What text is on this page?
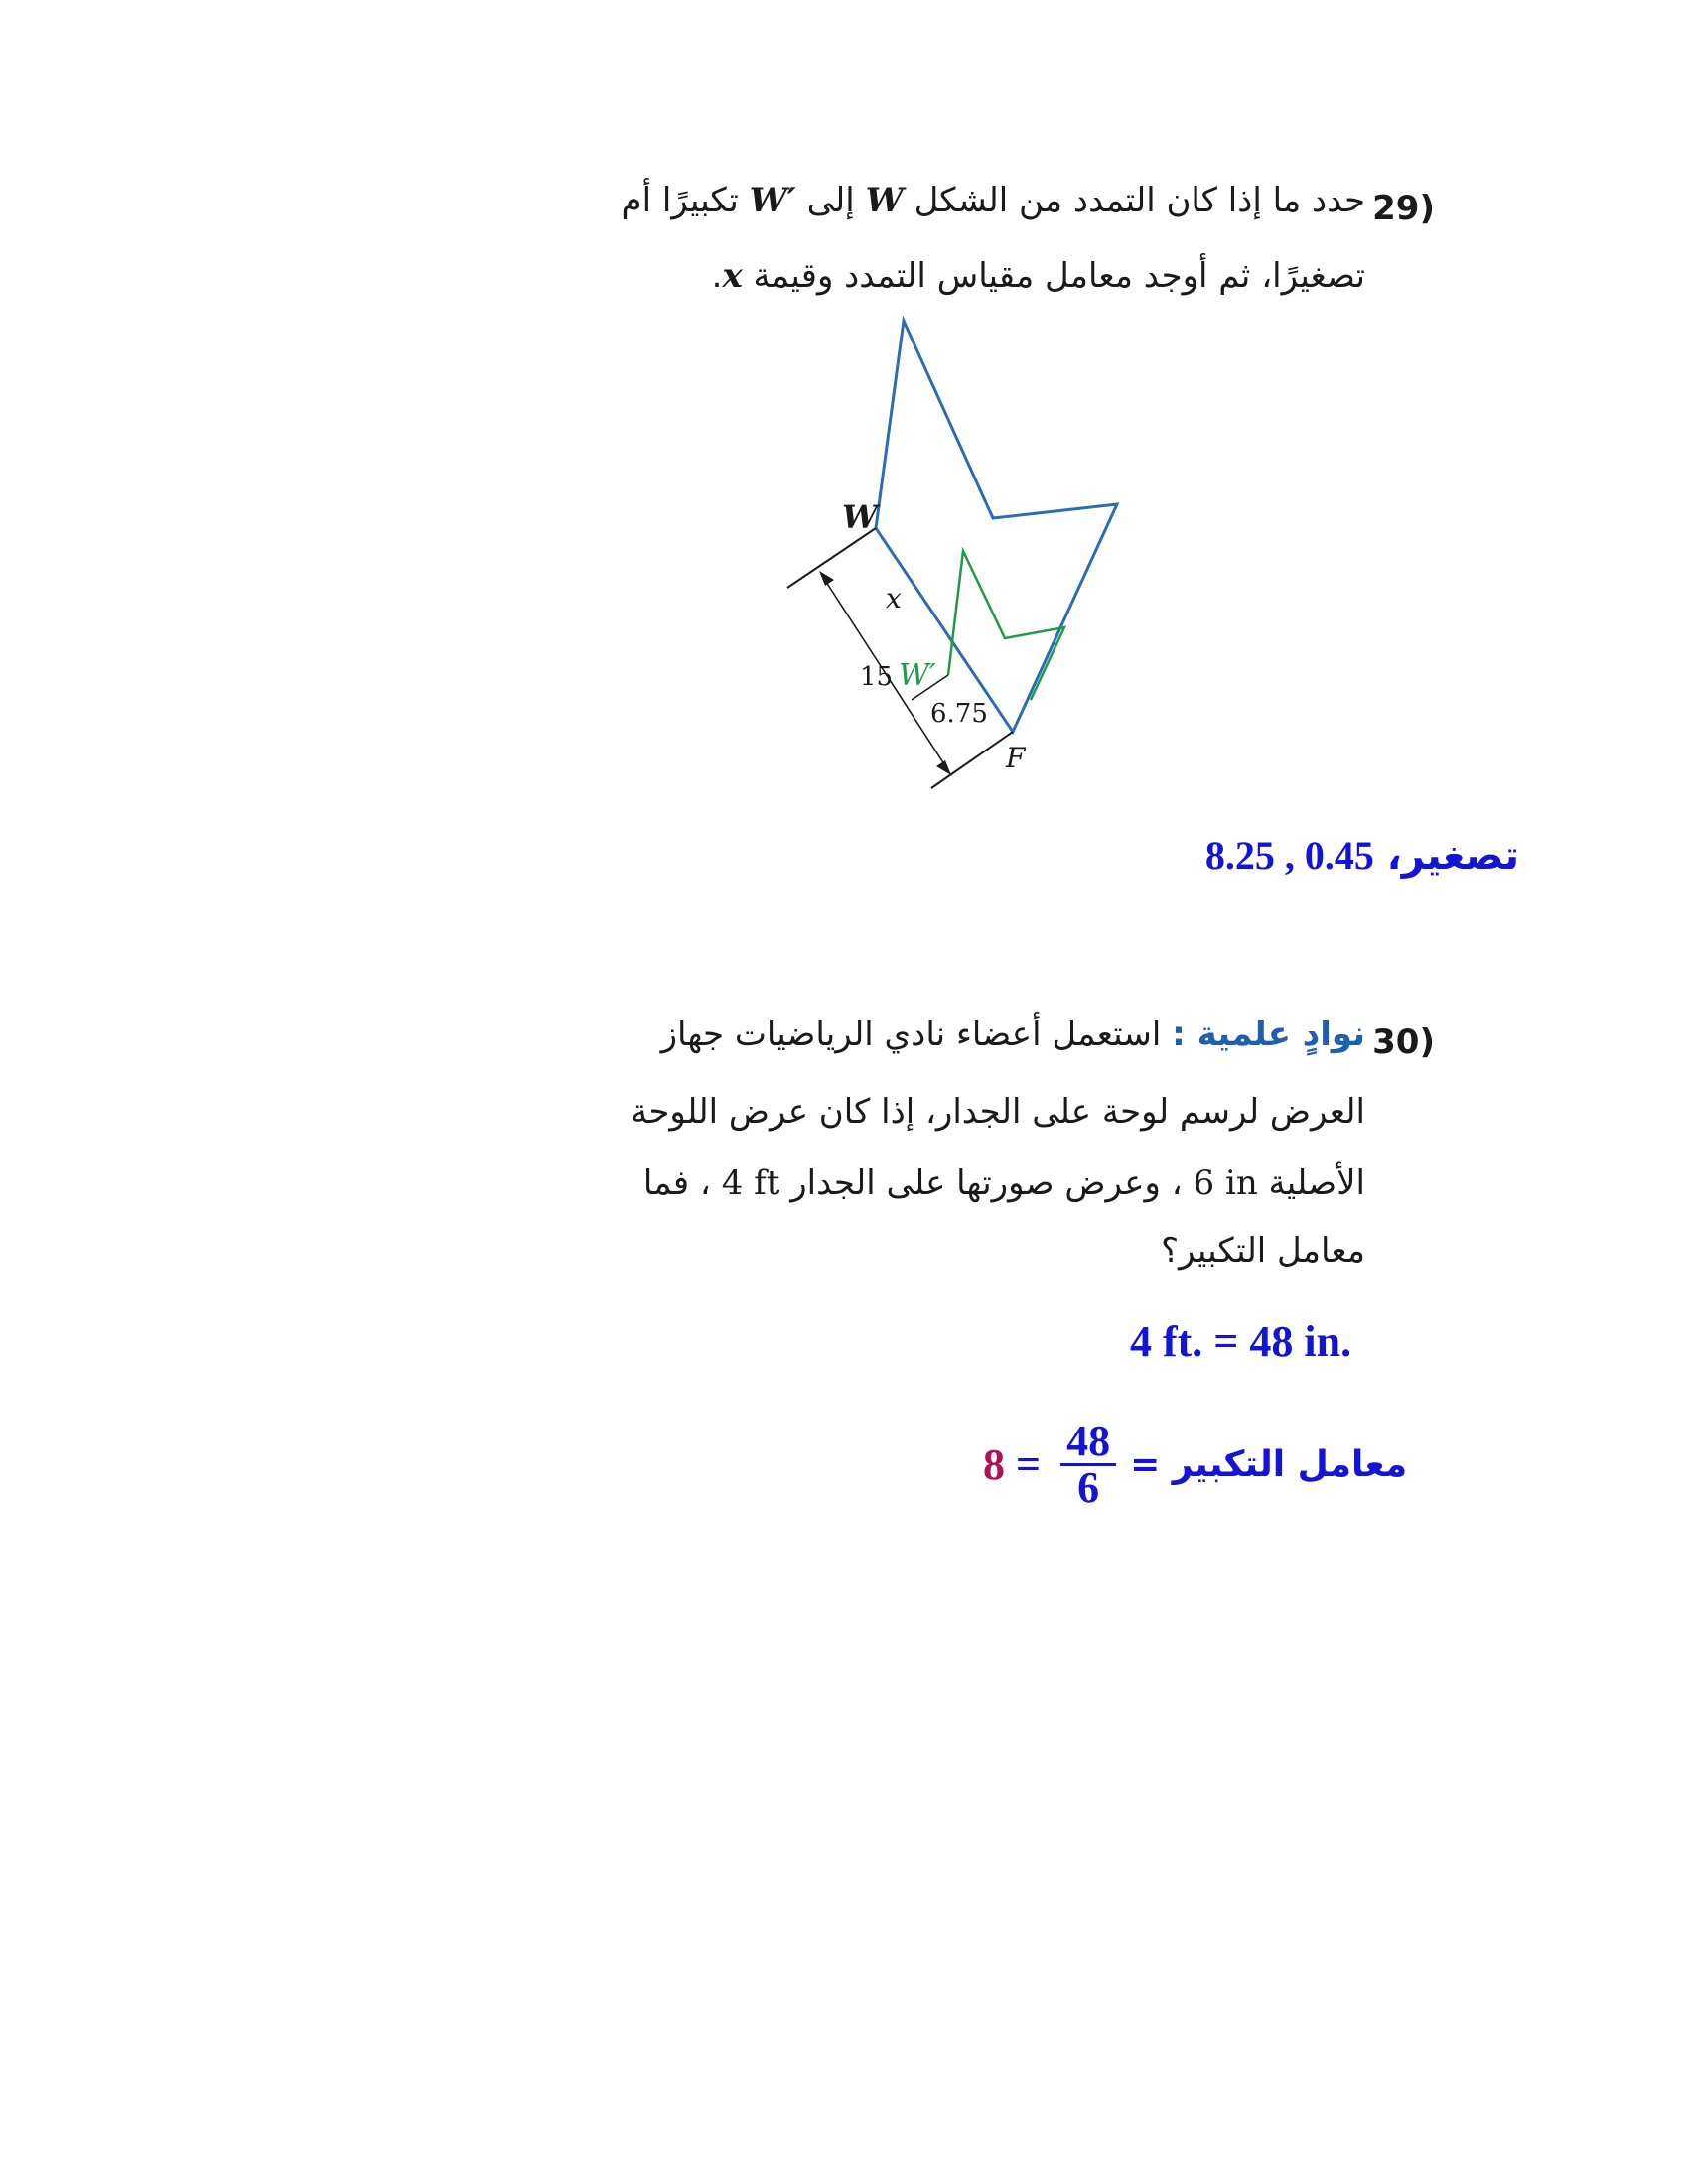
29)
حدد ما إذا كان التمدد من الشكل W إلى W′ تكبيرًا أم
تصغيرًا، ثم أوجد معامل مقياس التمدد وقيمة x.
W
x
15 W′
6.75
F
تصغير، 8.25 , 0.45
30)
نوادٍ علمية : استعمل أعضاء نادي الرياضيات جهاز
العرض لرسم لوحة على الجدار، إذا كان عرض اللوحة
الأصلية 6 in ، وعرض صورتها على الجدار 4 ft ، فما
معامل التكبير؟
4 ft. = 48 in.
$8 = \frac{48}{6}$ معامل التكبير =
